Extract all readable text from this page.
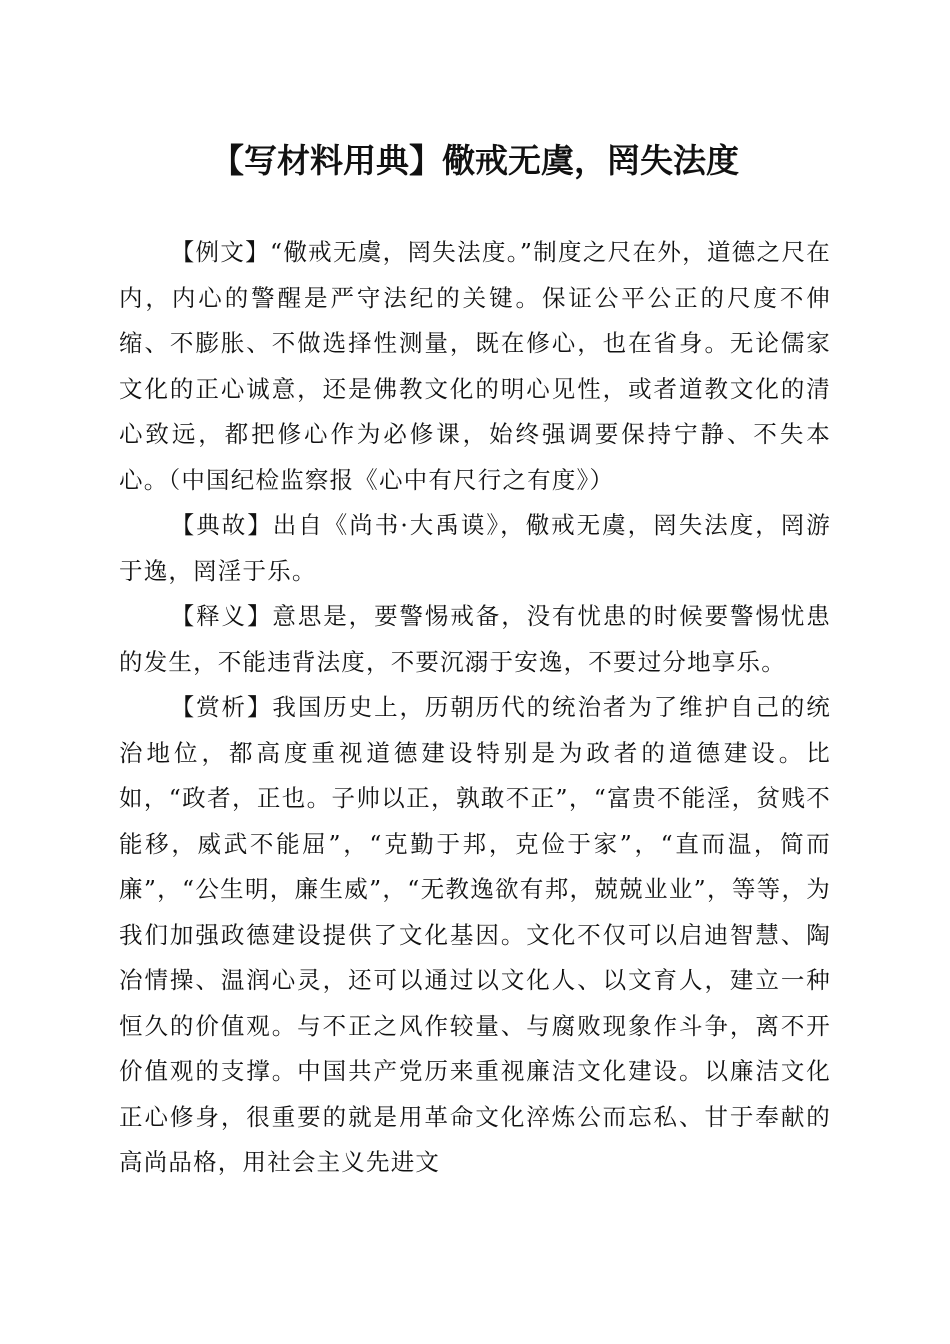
【写材料用典】儆戒无虞，罔失法度

【例文】“儆戒无虞，罔失法度。”制度之尺在外，道德之尺在内，内心的警醒是严守法纪的关键。保证公平公正的尺度不伸缩、不膨胀、不做选择性测量，既在修心，也在省身。无论儒家文化的正心诚意，还是佛教文化的明心见性，或者道教文化的清心致远，都把修心作为必修课，始终强调要保持宁静、不失本心。（中国纪检监察报《心中有尺行之有度》）

【典故】出自《尚书·大禹谟》，儆戒无虞，罔失法度，罔游于逸，罔淫于乐。

【释义】意思是，要警惕戒备，没有忧患的时候要警惕忧患的发生，不能违背法度，不要沉溺于安逸，不要过分地享乐。

【赏析】我国历史上，历朝历代的统治者为了维护自己的统治地位，都高度重视道德建设特别是为政者的道德建设。比如，“政者，正也。子帅以正，孰敢不正”，“富贵不能淫，贫贱不能移，威武不能屈”，“克勤于邦，克俭于家”，“直而温，简而廉”，“公生明，廉生威”，“无教逸欲有邦，兢兢业业”，等等，为我们加强政德建设提供了文化基因。文化不仅可以启迪智慧、陶冶情操、温润心灵，还可以通过以文化人、以文育人，建立一种恒久的价值观。与不正之风作较量、与腐败现象作斗争，离不开价值观的支撑。中国共产党历来重视廉洁文化建设。以廉洁文化正心修身，很重要的就是用革命文化淬炼公而忘私、甘于奉献的高尚品格，用社会主义先进文
